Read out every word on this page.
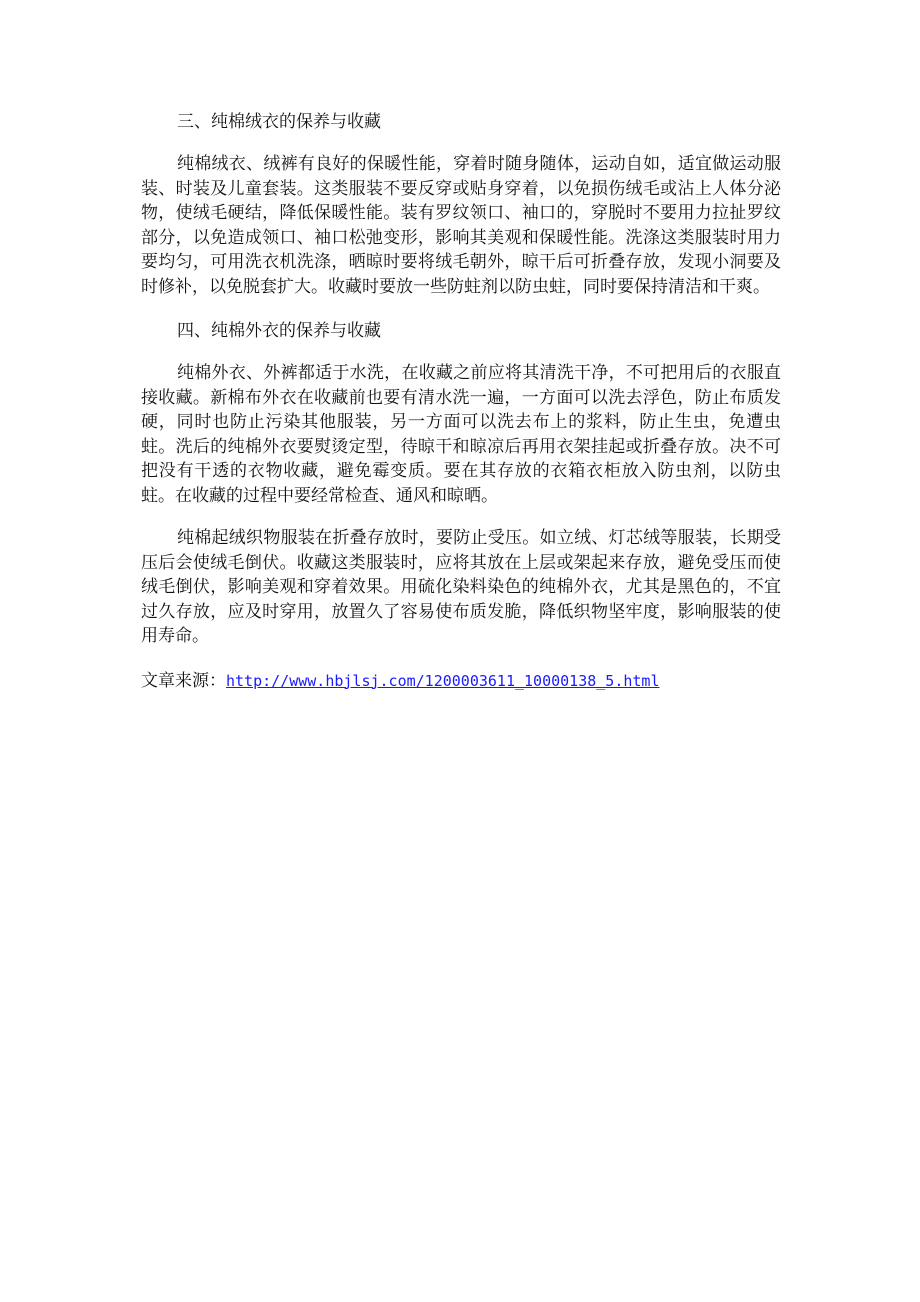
三、纯棉绒衣的保养与收藏

纯棉绒衣、绒裤有良好的保暖性能，穿着时随身随体，运动自如，适宜做运动服装、时装及儿童套装。这类服装不要反穿或贴身穿着，以免损伤绒毛或沾上人体分泌物，使绒毛硬结，降低保暖性能。装有罗纹领口、袖口的，穿脱时不要用力拉扯罗纹部分，以免造成领口、袖口松弛变形，影响其美观和保暖性能。洗涤这类服装时用力要均匀，可用洗衣机洗涤，晒晾时要将绒毛朝外，晾干后可折叠存放，发现小洞要及时修补，以免脱套扩大。收藏时要放一些防蛀剂以防虫蛀，同时要保持清洁和干爽。

四、纯棉外衣的保养与收藏

纯棉外衣、外裤都适于水洗，在收藏之前应将其清洗干净，不可把用后的衣服直接收藏。新棉布外衣在收藏前也要有清水洗一遍，一方面可以洗去浮色，防止布质发硬，同时也防止污染其他服装，另一方面可以洗去布上的浆料，防止生虫，免遭虫蛀。洗后的纯棉外衣要熨烫定型，待晾干和晾凉后再用衣架挂起或折叠存放。决不可把没有干透的衣物收藏，避免霉变质。要在其存放的衣箱衣柜放入防虫剂，以防虫蛀。在收藏的过程中要经常检查、通风和晾晒。

纯棉起绒织物服装在折叠存放时，要防止受压。如立绒、灯芯绒等服装，长期受压后会使绒毛倒伏。收藏这类服装时，应将其放在上层或架起来存放，避免受压而使绒毛倒伏，影响美观和穿着效果。用硫化染料染色的纯棉外衣，尤其是黑色的，不宜过久存放，应及时穿用，放置久了容易使布质发脆，降低织物坚牢度，影响服装的使用寿命。

文章来源：http://www.hbjlsj.com/1200003611_10000138_5.html
